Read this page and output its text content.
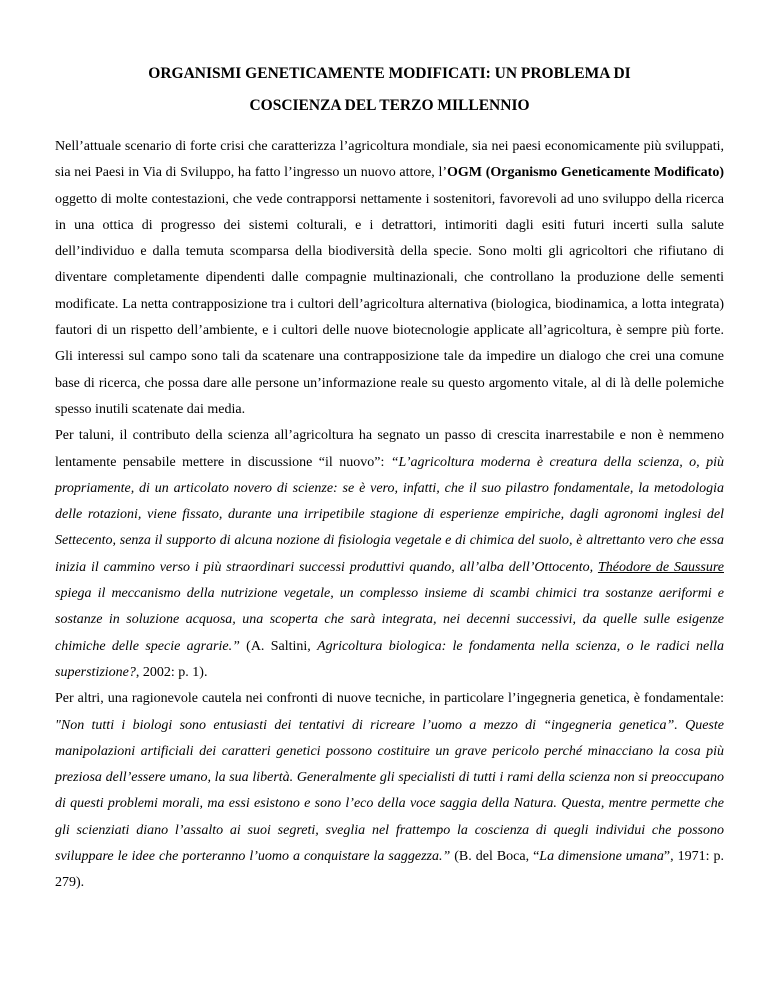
ORGANISMI GENETICAMENTE MODIFICATI: UN PROBLEMA DI
COSCIENZA DEL TERZO MILLENNIO

Nell’attuale scenario di forte crisi che caratterizza l’agricoltura mondiale, sia nei paesi economicamente più sviluppati, sia nei Paesi in Via di Sviluppo, ha fatto l’ingresso un nuovo attore, l’OGM (Organismo Geneticamente Modificato) oggetto di molte contestazioni, che vede contrapporsi nettamente i sostenitori, favorevoli ad uno sviluppo della ricerca in una ottica di progresso dei sistemi colturali, e i detrattori, intimoriti dagli esiti futuri incerti sulla salute dell’individuo e dalla temuta scomparsa della biodiversità della specie. Sono molti gli agricoltori che rifiutano di diventare completamente dipendenti dalle compagnie multinazionali, che controllano la produzione delle sementi modificate. La netta contrapposizione tra i cultori dell’agricoltura alternativa (biologica, biodinamica, a lotta integrata) fautori di un rispetto dell’ambiente, e i cultori delle nuove biotecnologie applicate all’agricoltura, è sempre più forte. Gli interessi sul campo sono tali da scatenare una contrapposizione tale da impedire un dialogo che crei una comune base di ricerca, che possa dare alle persone un’informazione reale su questo argomento vitale, al di là delle polemiche spesso inutili scatenate dai media.

Per taluni, il contributo della scienza all’agricoltura ha segnato un passo di crescita inarrestabile e non è nemmeno lentamente pensabile mettere in discussione “il nuovo”: “L’agricoltura moderna è creatura della scienza, o, più propriamente, di un articolato novero di scienze: se è vero, infatti, che il suo pilastro fondamentale, la metodologia delle rotazioni, viene fissato, durante una irripetibile stagione di esperienze empiriche, dagli agronomi inglesi del Settecento, senza il supporto di alcuna nozione di fisiologia vegetale e di chimica del suolo, è altrettanto vero che essa inizia il cammino verso i più straordinari successi produttivi quando, all’alba dell’Ottocento, Théodore de Saussure spiega il meccanismo della nutrizione vegetale, un complesso insieme di scambi chimici tra sostanze aeriformi e sostanze in soluzione acquosa, una scoperta che sarà integrata, nei decenni successivi, da quelle sulle esigenze chimiche delle specie agrarie.” (A. Saltini, Agricoltura biologica: le fondamenta nella scienza, o le radici nella superstizione?, 2002: p. 1).

Per altri, una ragionevole cautela nei confronti di nuove tecniche, in particolare l’ingegneria genetica, è fondamentale: "Non tutti i biologi sono entusiasti dei tentativi di ricreare l’uomo a mezzo di “ingegneria genetica”. Queste manipolazioni artificiali dei caratteri genetici possono costituire un grave pericolo perché minacciano la cosa più preziosa dell’essere umano, la sua libertà. Generalmente gli specialisti di tutti i rami della scienza non si preoccupano di questi problemi morali, ma essi esistono e sono l’eco della voce saggia della Natura. Questa, mentre permette che gli scienziati diano l’assalto ai suoi segreti, sveglia nel frattempo la coscienza di quegli individui che possono sviluppare le idee che porteranno l’uomo a conquistare la saggezza.” (B. del Boca, “La dimensione umana”, 1971: p. 279).
